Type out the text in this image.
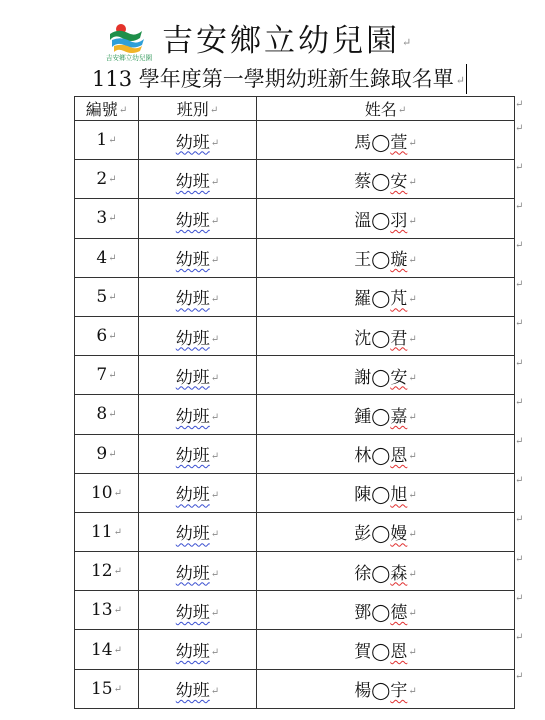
吉安鄉立幼兒園 吉安鄉立幼兒園 ↵
113 學年度第一學期幼班新生錄取名單 ↵
編號↵	班別↵	姓名↵
1↵	幼班↵	馬◯萱↵
2↵	幼班↵	蔡◯安↵
3↵	幼班↵	溫◯羽↵
4↵	幼班↵	王◯璇↵
5↵	幼班↵	羅◯芃↵
6↵	幼班↵	沈◯君↵
7↵	幼班↵	謝◯安↵
8↵	幼班↵	鍾◯嘉↵
9↵	幼班↵	林◯恩↵
10↵	幼班↵	陳◯旭↵
11↵	幼班↵	彭◯嫚↵
12↵	幼班↵	徐◯森↵
13↵	幼班↵	鄧◯德↵
14↵	幼班↵	賀◯恩↵
15↵	幼班↵	楊◯宇↵
↵
↵
↵
↵
↵
↵
↵
↵
↵
↵
↵
↵
↵
↵
↵
↵
